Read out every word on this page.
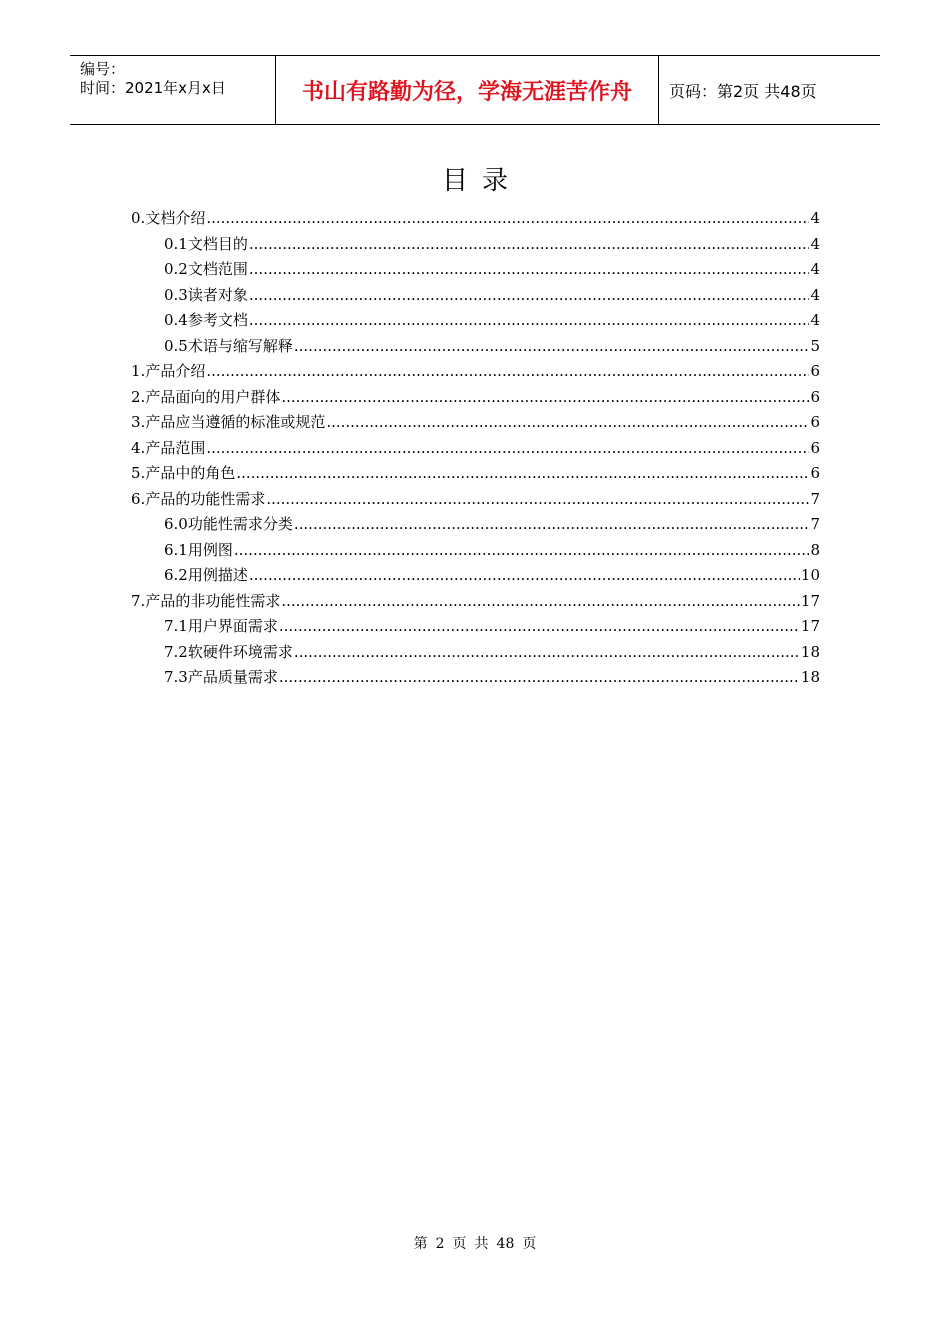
编号：
时间：2021年x月x日	书山有路勤为径，学海无涯苦作舟	页码：第2页 共48页
目录
0. 文档介绍 .....	4
0.1 文档目的 .....	4
0.2 文档范围 .....	4
0.3 读者对象 .....	4
0.4 参考文档 .....	4
0.5 术语与缩写解释 .....	5
1. 产品介绍 .....	6
2. 产品面向的用户群体 .....	6
3. 产品应当遵循的标准或规范 .....	6
4. 产品范围 .....	6
5. 产品中的角色 .....	6
6. 产品的功能性需求 .....	7
6.0 功能性需求分类 .....	7
6.1 用例图 .....	8
6.2 用例描述 .....	10
7. 产品的非功能性需求 .....	17
7.1 用户界面需求 .....	17
7.2 软硬件环境需求 .....	18
7.3 产品质量需求 .....	18
第 2 页 共 48 页
